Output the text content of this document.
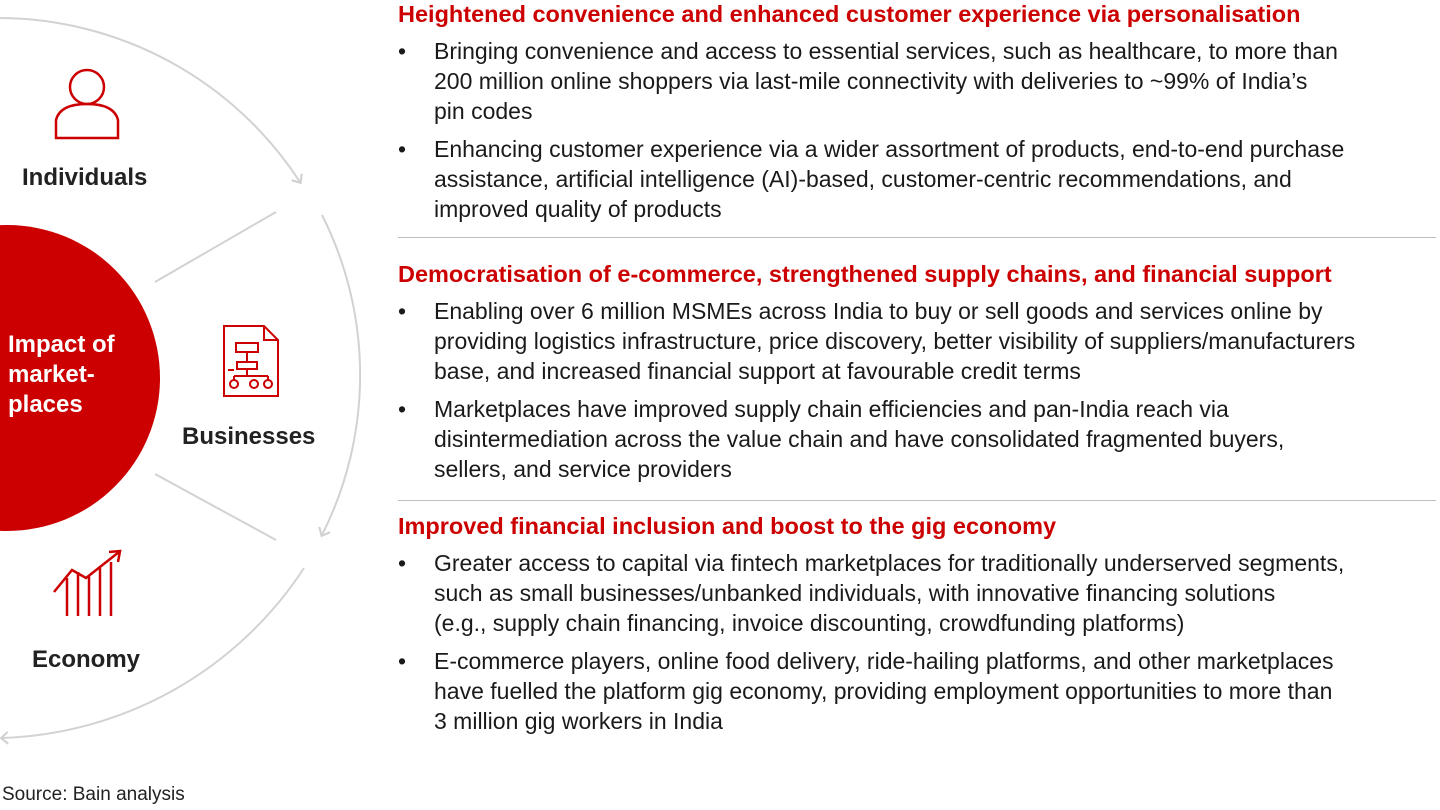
Individuals
Businesses
Economy
Impact of
market-
places
Heightened convenience and enhanced customer experience via personalisation
•	Bringing convenience and access to essential services, such as healthcare, to more than
200 million online shoppers via last-mile connectivity with deliveries to ~99% of India’s
pin codes
•	Enhancing customer experience via a wider assortment of products, end-to-end purchase
assistance, artificial intelligence (AI)-based, customer-centric recommendations, and
improved quality of products
Democratisation of e-commerce, strengthened supply chains, and financial support
•	Enabling over 6 million MSMEs across India to buy or sell goods and services online by
providing logistics infrastructure, price discovery, better visibility of suppliers/manufacturers
base, and increased financial support at favourable credit terms
•	Marketplaces have improved supply chain efficiencies and pan-India reach via
disintermediation across the value chain and have consolidated fragmented buyers,
sellers, and service providers
Improved financial inclusion and boost to the gig economy
•	Greater access to capital via fintech marketplaces for traditionally underserved segments,
such as small businesses/unbanked individuals, with innovative financing solutions
(e.g., supply chain financing, invoice discounting, crowdfunding platforms)
•	E-commerce players, online food delivery, ride-hailing platforms, and other marketplaces
have fuelled the platform gig economy, providing employment opportunities to more than
3 million gig workers in India
Source: Bain analysis
